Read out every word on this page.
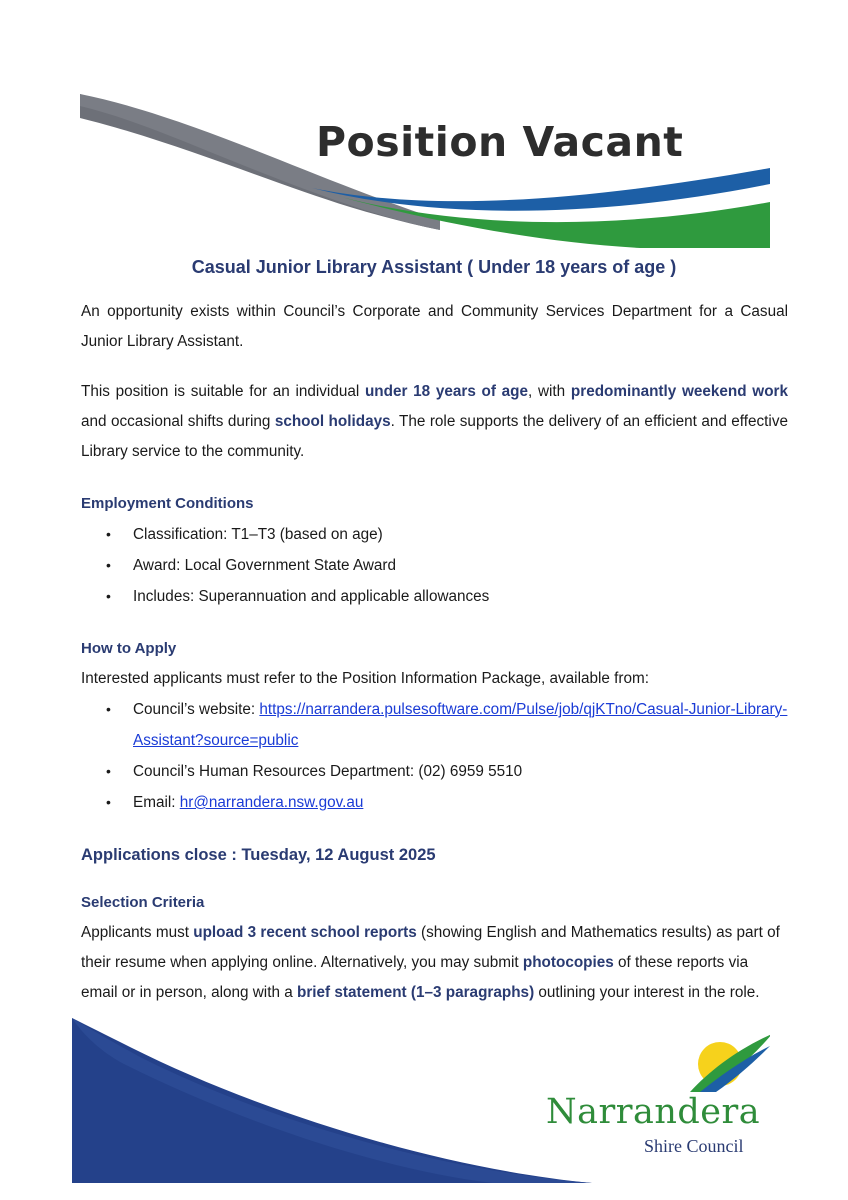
Position Vacant
Casual Junior Library Assistant ( Under 18 years of age )

An opportunity exists within Council’s Corporate and Community Services Department for a Casual Junior Library Assistant.

This position is suitable for an individual under 18 years of age, with predominantly weekend work and occasional shifts during school holidays. The role supports the delivery of an efficient and effective Library service to the community.

Employment Conditions

• Classification: T1–T3 (based on age)
• Award: Local Government State Award
• Includes: Superannuation and applicable allowances

How to Apply

Interested applicants must refer to the Position Information Package, available from:

• Council’s website: https://narrandera.pulsesoftware.com/Pulse/job/qjKTno/Casual-Junior-Library-Assistant?source=public
• Council’s Human Resources Department: (02) 6959 5510
• Email: hr@narrandera.nsw.gov.au

Applications close : Tuesday, 12 August 2025

Selection Criteria

Applicants must upload 3 recent school reports (showing English and Mathematics results) as part of their resume when applying online. Alternatively, you may submit photocopies of these reports via email or in person, along with a brief statement (1–3 paragraphs) outlining your interest in the role.

Narrandera
Shire Council
